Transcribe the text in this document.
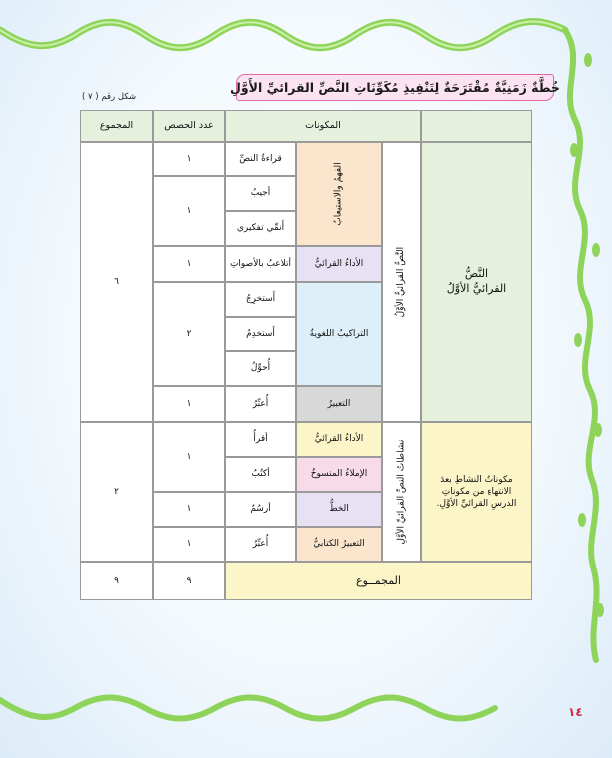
خُطَّةٌ زَمَنِيَّةٌ مُقْتَرَحَةٌ لِتَنْفِيذِ مُكَوِّنَاتِ النَّصِّ القرائيِّ الأَوَّلِ
شكل رقم ( ٧ )
المجموع	عدد الحصص	المكونات
النَّصُّ
القرائيُّ الأوَّلُ
النَّصُّ القرائيُّ الأوَّلُ
الفهمُ والاستيعابُ
الأداءُ القرائيُّ
التراكيبُ اللغويةُ
التعبيرُ
قراءةُ النصِّ
أجيبُ
أَنمِّي تفكيري
أتلاعبُ بالأصواتِ
أَستخرِجُ
أَستخدِمُ
أُحوِّلُ
أُعبِّرُ
١
١
١
٢
١
٦
مكوناتُ النشاطِ بعدَ الانتهاءِ من مكوناتِ الدرسِ القرائيِّ الأوَّلِ.
نشاطاتُ النصِّ القرائيِّ الأوَّلِ
الأداءُ القرائيُّ
الإملاءُ المنسوخُ
الخطُّ
التعبيرُ الكتابيُّ
أقرأُ
أكتُبُ
أرسُمُ
أُعبِّرُ
١
١
١
٢
المجمــوع
٩
٩
١٤
